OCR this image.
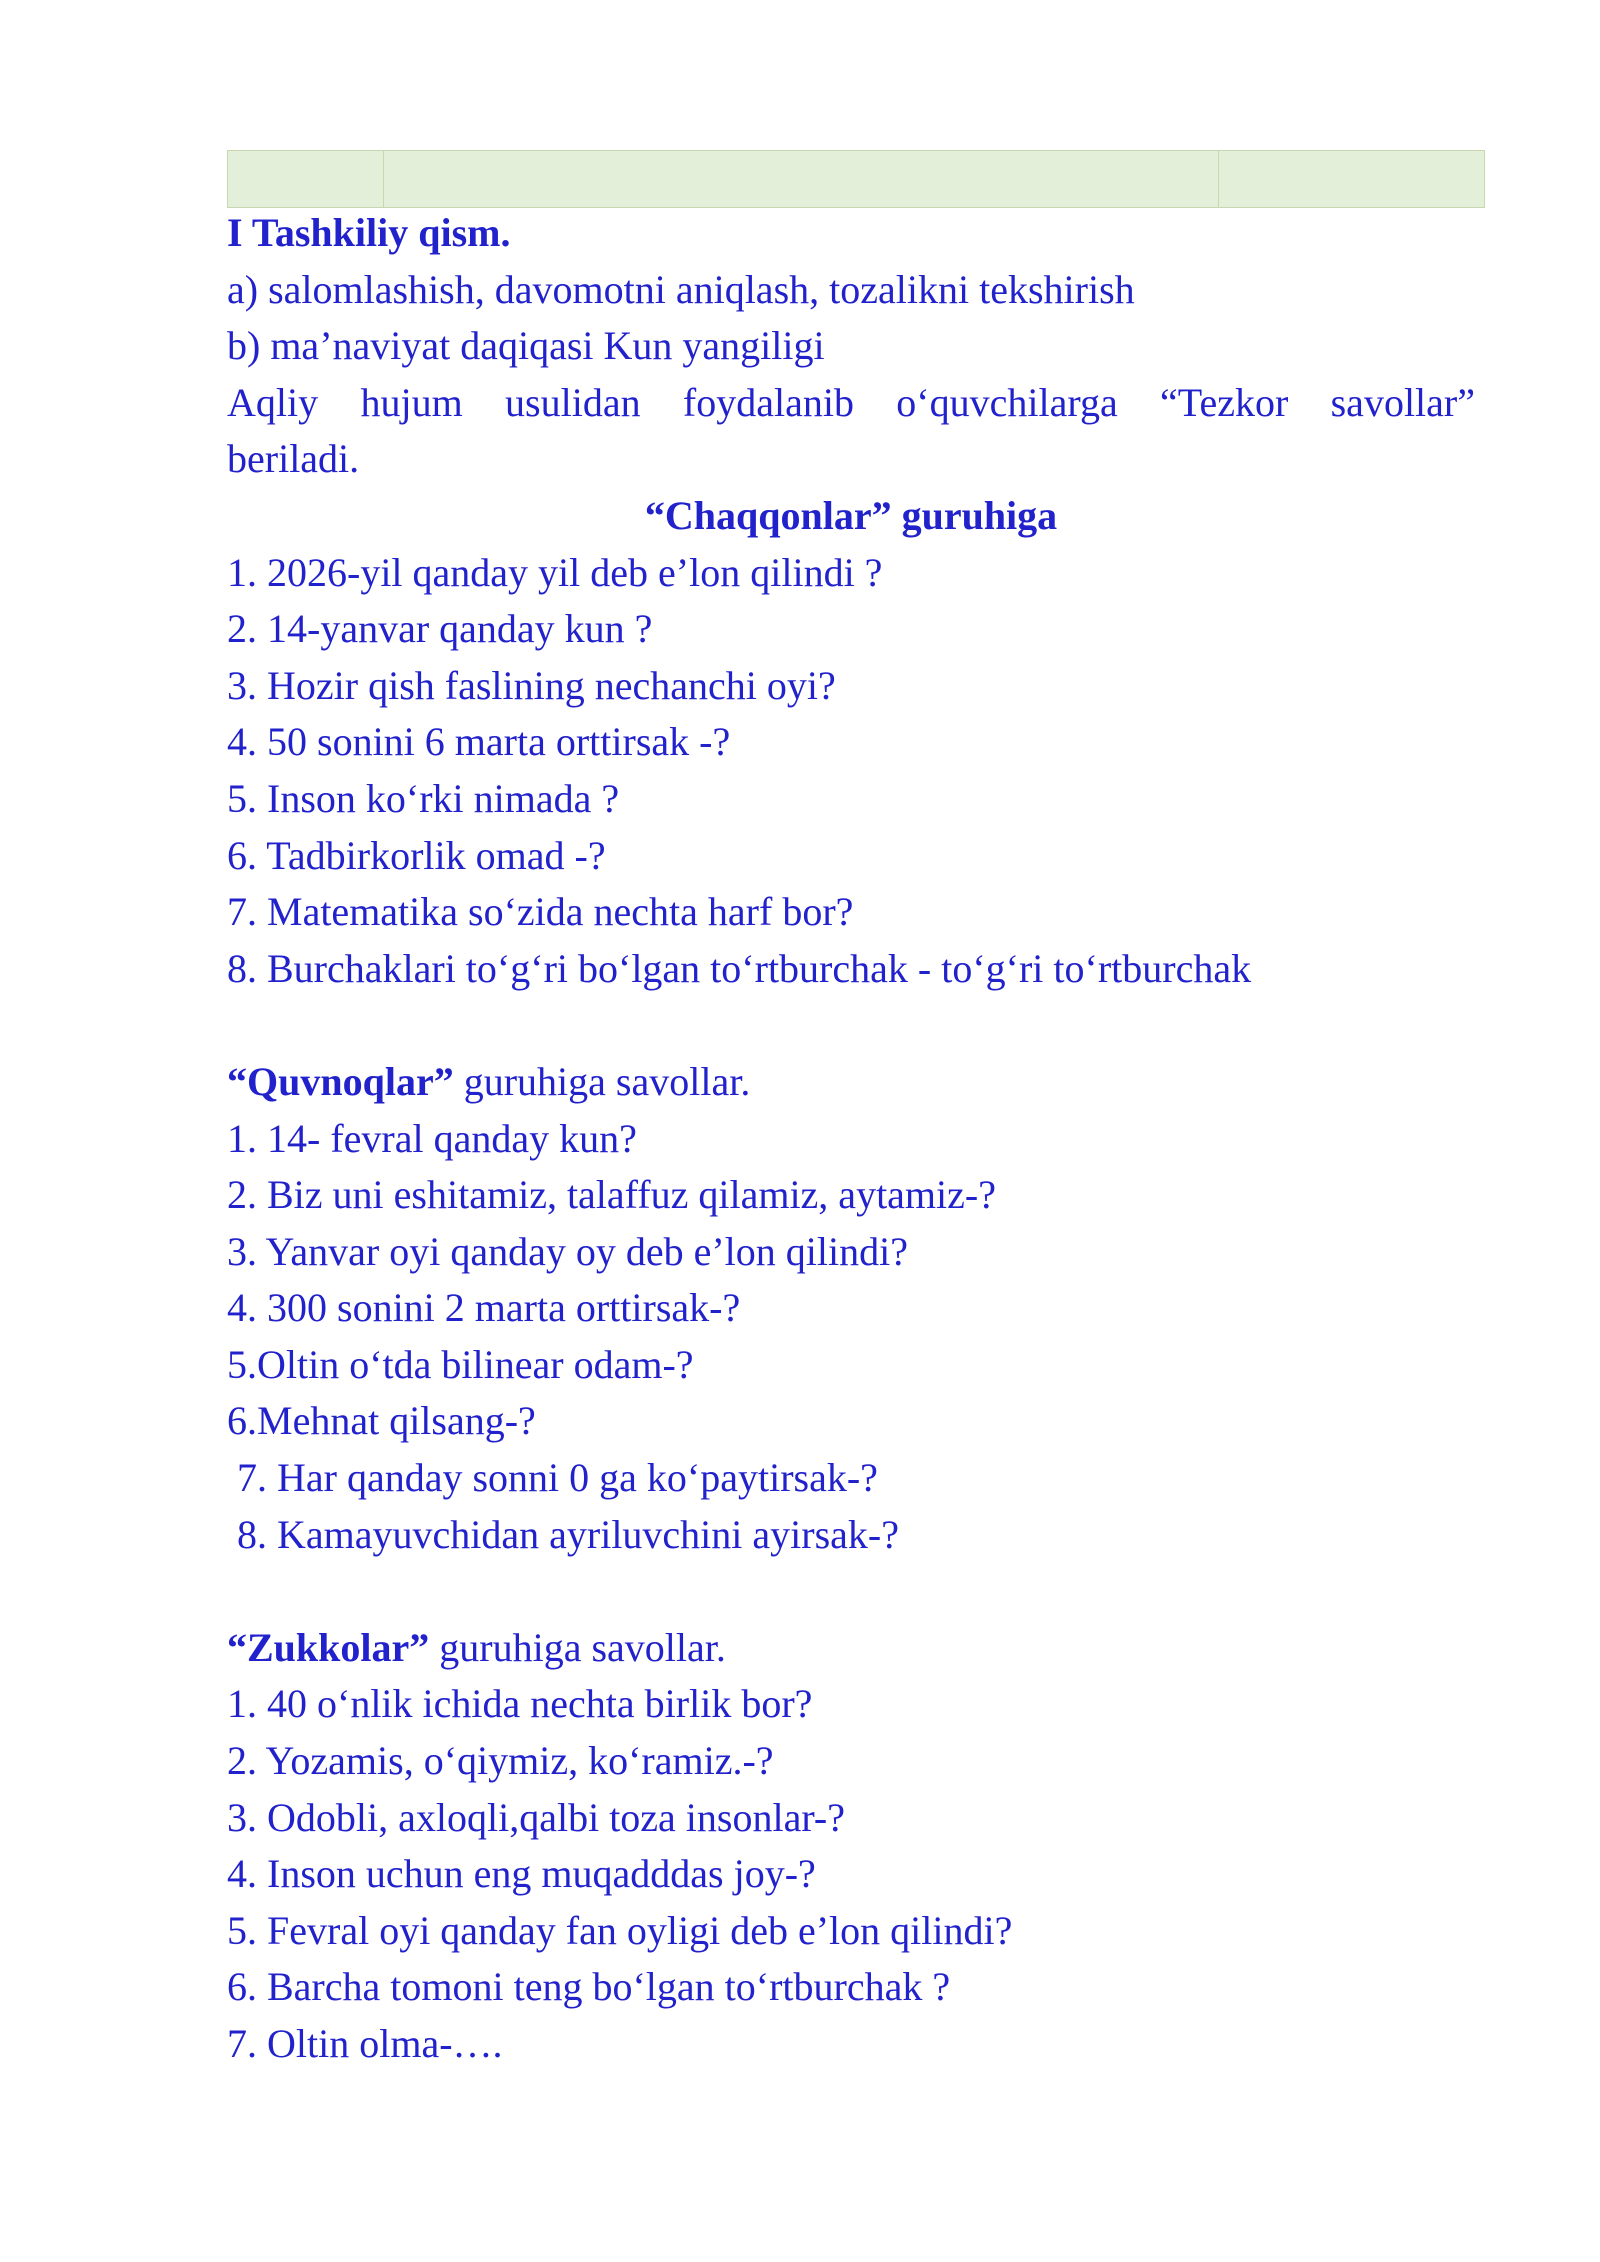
I Tashkiliy qism.
a) salomlashish, davomotni aniqlash, tozalikni tekshirish
b) ma’naviyat daqiqasi Kun yangiligi
Aqliy hujum usulidan foydalanib o‘quvchilarga “Tezkor savollar”
beriladi.
“Chaqqonlar” guruhiga
1. 2026-yil qanday yil deb e’lon qilindi ?
2. 14-yanvar qanday kun ?
3. Hozir qish faslining nechanchi oyi?
4. 50 sonini 6 marta orttirsak -?
5. Inson ko‘rki nimada ?
6. Tadbirkorlik omad -?
7. Matematika so‘zida nechta harf bor?
8. Burchaklari to‘g‘ri bo‘lgan to‘rtburchak - to‘g‘ri to‘rtburchak
“Quvnoqlar” guruhiga savollar.
1. 14- fevral qanday kun?
2. Biz uni eshitamiz, talaffuz qilamiz, aytamiz-?
3. Yanvar oyi qanday oy deb e’lon qilindi?
4. 300 sonini 2 marta orttirsak-?
5.Oltin o‘tda bilinear odam-?
6.Mehnat qilsang-?
7. Har qanday sonni 0 ga ko‘paytirsak-?
8. Kamayuvchidan ayriluvchini ayirsak-?
“Zukkolar” guruhiga savollar.
1. 40 o‘nlik ichida nechta birlik bor?
2. Yozamis, o‘qiymiz, ko‘ramiz.-?
3. Odobli, axloqli,qalbi toza insonlar-?
4. Inson uchun eng muqadddas joy-?
5. Fevral oyi qanday fan oyligi deb e’lon qilindi?
6. Barcha tomoni teng bo‘lgan to‘rtburchak ?
7. Oltin olma-….
